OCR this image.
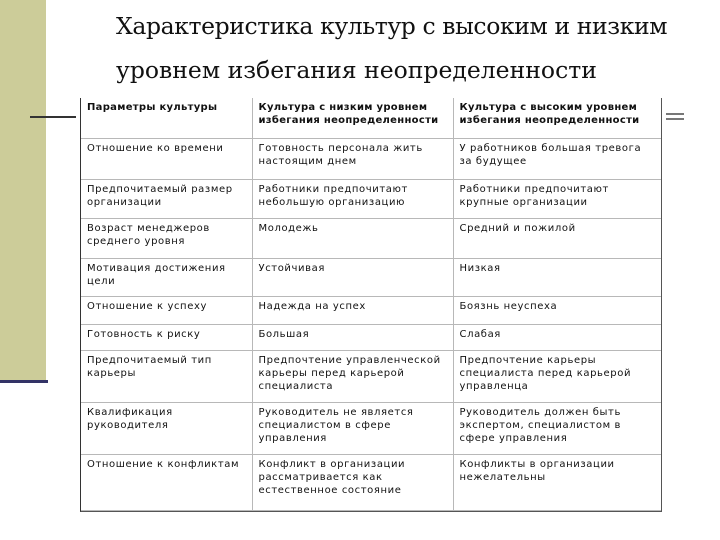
Характеристика культур с высоким и низким
уровнем избегания неопределенности
Параметры культуры	Культура с низким уровнем избегания неопределенности	Культура с высоким уровнем избегания неопределенности
Отношение ко времени	Готовность персонала жить настоящим днем	У работников большая тревога за будущее
Предпочитаемый размер организации	Работники предпочитают небольшую организацию	Работники предпочитают крупные организации
Возраст менеджеров среднего уровня	Молодежь	Средний и пожилой
Мотивация достижения цели	Устойчивая	Низкая
Отношение к успеху	Надежда на успех	Боязнь неуспеха
Готовность к риску	Большая	Слабая
Предпочитаемый тип карьеры	Предпочтение управленческой карьеры перед карьерой специалиста	Предпочтение карьеры специалиста перед карьерой управленца
Квалификация руководителя	Руководитель не является специалистом в сфере управления	Руководитель должен быть экспертом, специалистом в сфере управления
Отношение к конфликтам	Конфликт в организации рассматривается как естественное состояние	Конфликты в организации нежелательны
